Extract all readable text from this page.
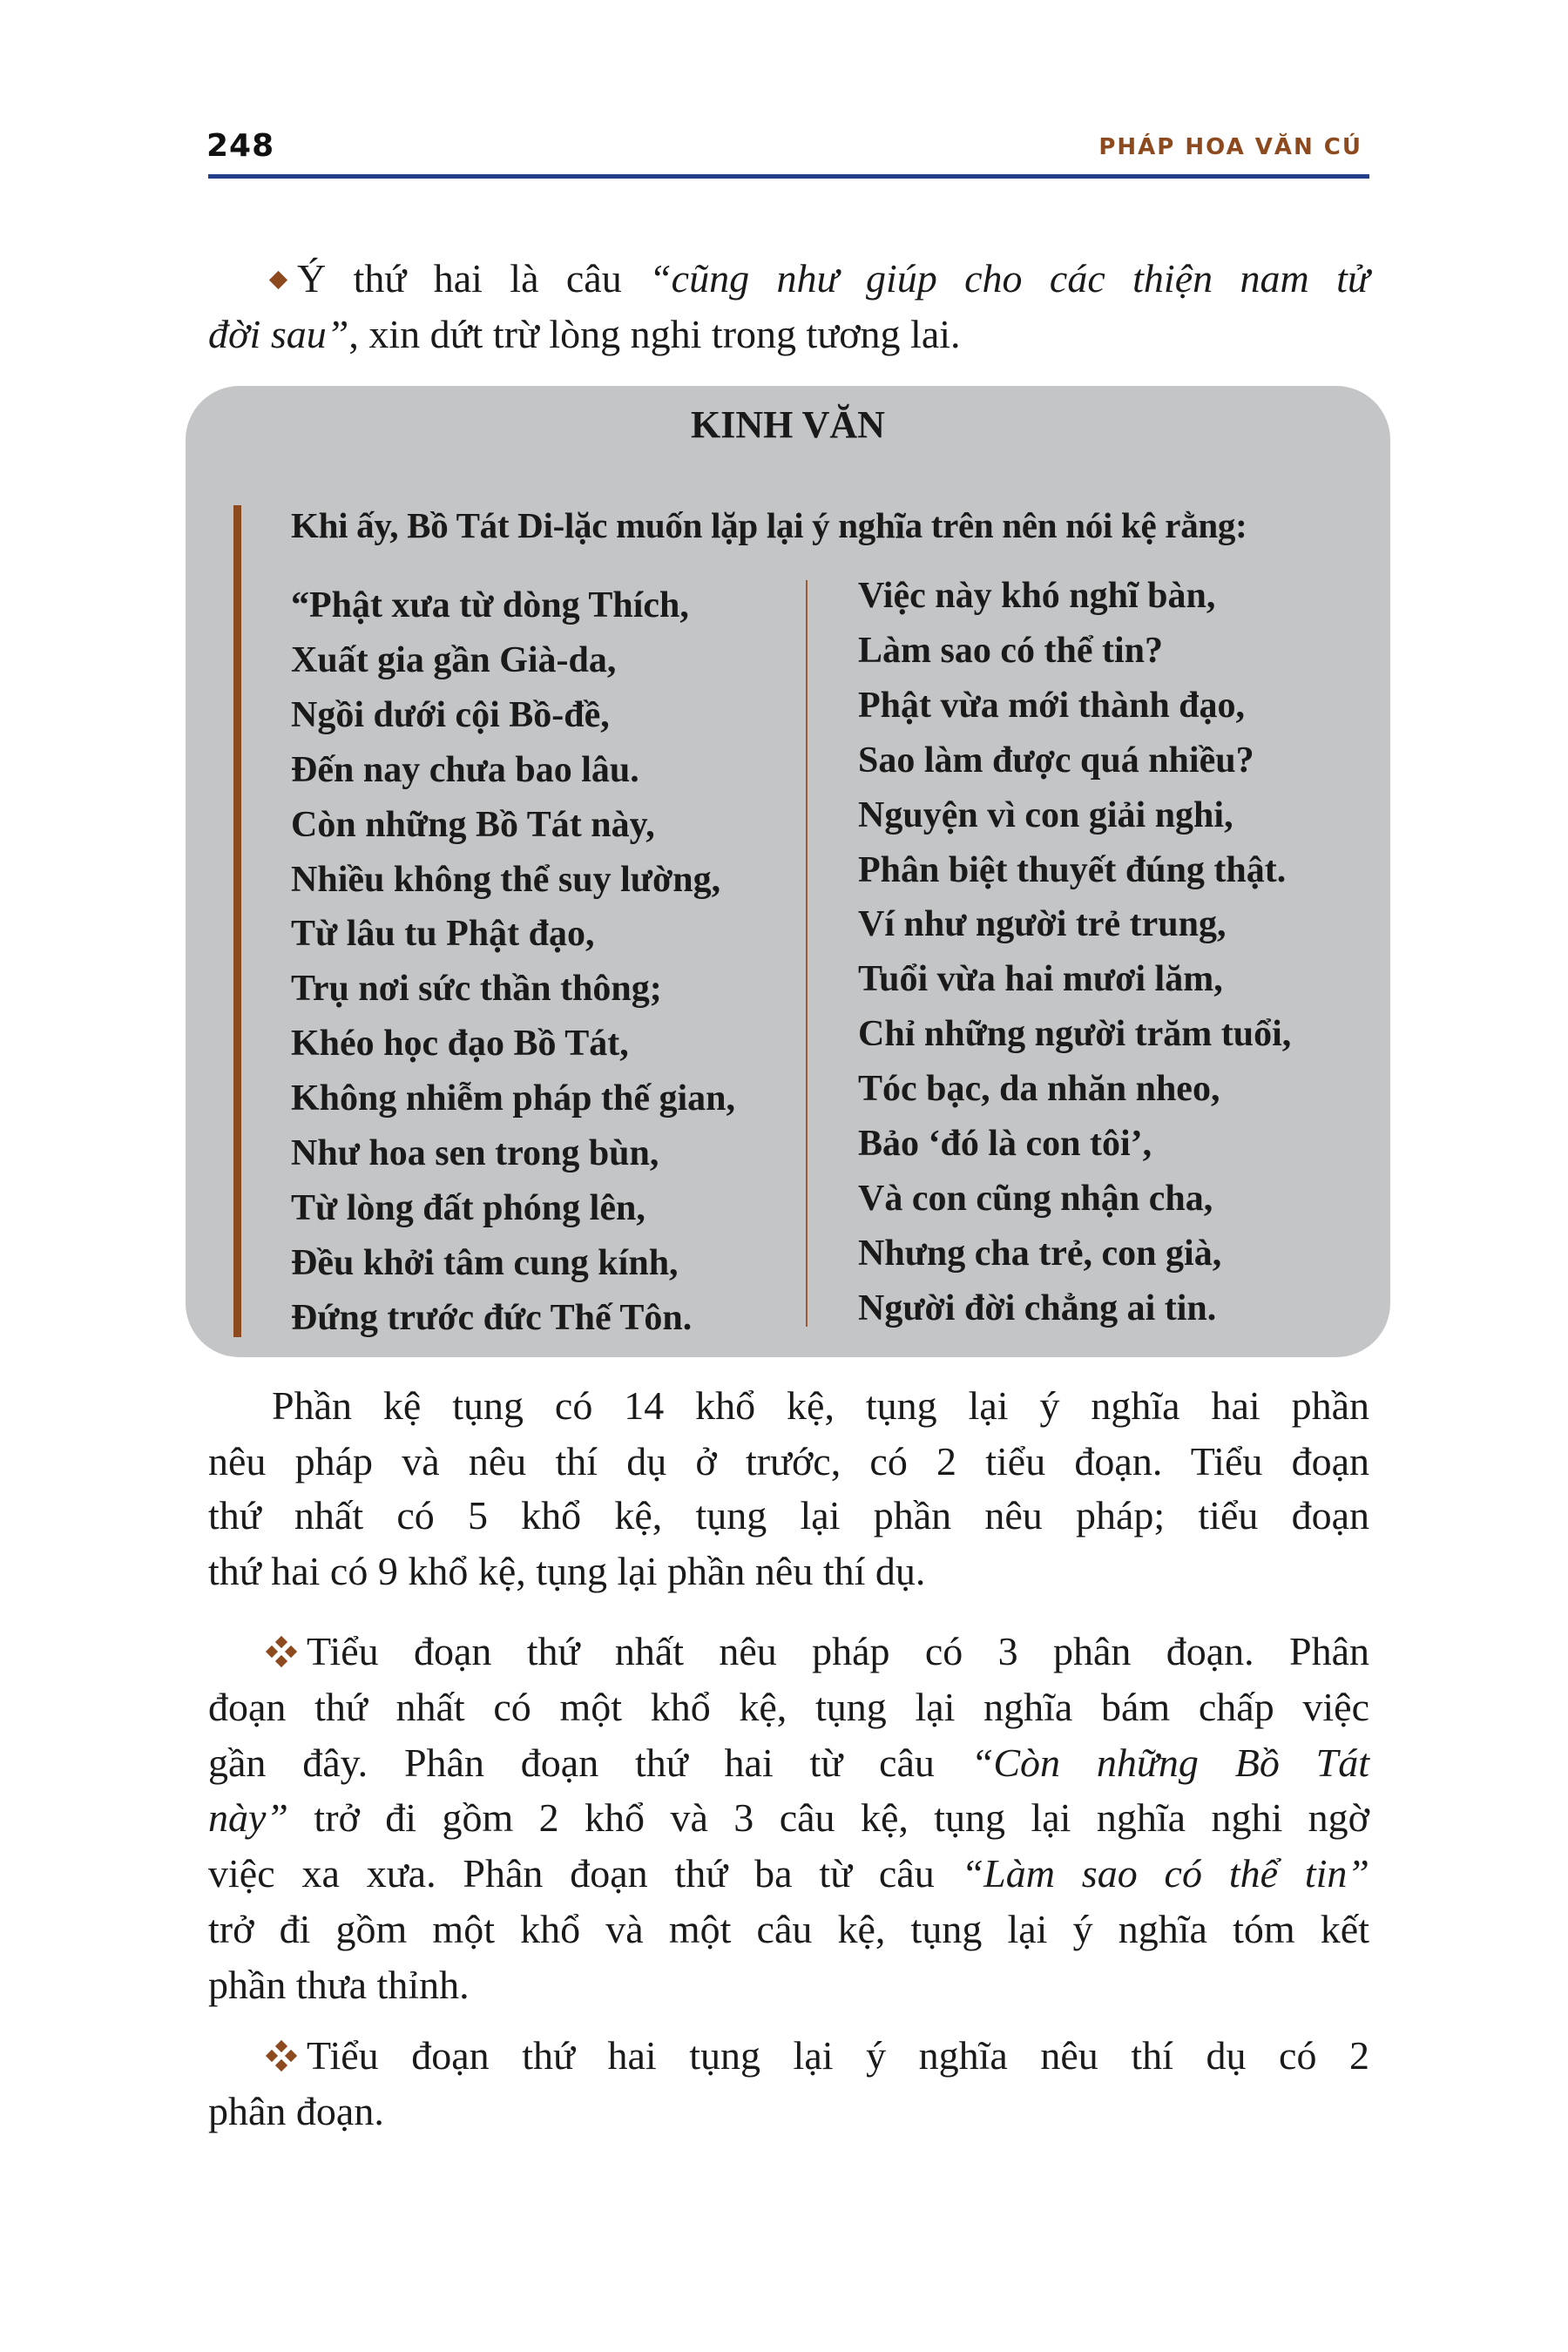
248	PHÁP HOA VĂN CÚ
Ý thứ hai là câu “cũng như giúp cho các thiện nam tử
đời sau”, xin dứt trừ lòng nghi trong tương lai.
KINH VĂN
Khi ấy, Bồ Tát Di-lặc muốn lặp lại ý nghĩa trên nên nói kệ rằng:
“Phật xưa từ dòng Thích,
Xuất gia gần Già-da,
Ngồi dưới cội Bồ-đề,
Đến nay chưa bao lâu.
Còn những Bồ Tát này,
Nhiều không thể suy lường,
Từ lâu tu Phật đạo,
Trụ nơi sức thần thông;
Khéo học đạo Bồ Tát,
Không nhiễm pháp thế gian,
Như hoa sen trong bùn,
Từ lòng đất phóng lên,
Đều khởi tâm cung kính,
Đứng trước đức Thế Tôn.
Việc này khó nghĩ bàn,
Làm sao có thể tin?
Phật vừa mới thành đạo,
Sao làm được quá nhiều?
Nguyện vì con giải nghi,
Phân biệt thuyết đúng thật.
Ví như người trẻ trung,
Tuổi vừa hai mươi lăm,
Chỉ những người trăm tuổi,
Tóc bạc, da nhăn nheo,
Bảo ‘đó là con tôi’,
Và con cũng nhận cha,
Nhưng cha trẻ, con già,
Người đời chẳng ai tin.
Phần kệ tụng có 14 khổ kệ, tụng lại ý nghĩa hai phần
nêu pháp và nêu thí dụ ở trước, có 2 tiểu đoạn. Tiểu đoạn
thứ nhất có 5 khổ kệ, tụng lại phần nêu pháp; tiểu đoạn
thứ hai có 9 khổ kệ, tụng lại phần nêu thí dụ.
Tiểu đoạn thứ nhất nêu pháp có 3 phân đoạn. Phân
đoạn thứ nhất có một khổ kệ, tụng lại nghĩa bám chấp việc
gần đây. Phân đoạn thứ hai từ câu “Còn những Bồ Tát
này” trở đi gồm 2 khổ và 3 câu kệ, tụng lại nghĩa nghi ngờ
việc xa xưa. Phân đoạn thứ ba từ câu “Làm sao có thể tin”
trở đi gồm một khổ và một câu kệ, tụng lại ý nghĩa tóm kết
phần thưa thỉnh.
Tiểu đoạn thứ hai tụng lại ý nghĩa nêu thí dụ có 2
phân đoạn.
